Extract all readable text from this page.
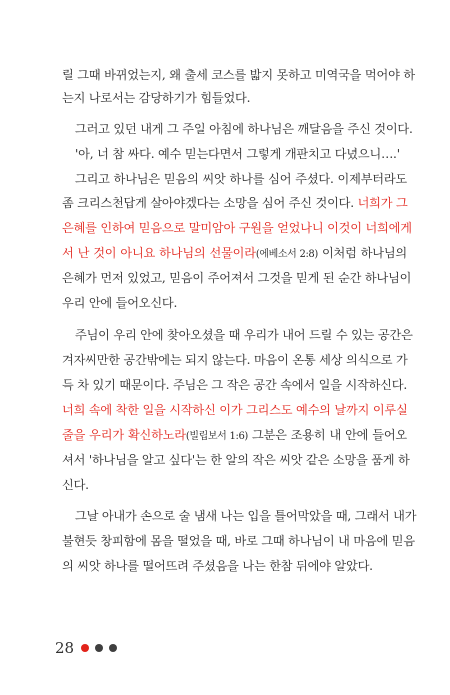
릴 그때 바뀌었는지, 왜 출세 코스를 밟지 못하고 미역국을 먹어야 하
는지 나로서는 감당하기가 힘들었다.
그러고 있던 내게 그 주일 아침에 하나님은 깨달음을 주신 것이다.
'아, 너 참 싸다. 예수 믿는다면서 그렇게 개판치고 다녔으니….'
그리고 하나님은 믿음의 씨앗 하나를 심어 주셨다. 이제부터라도
좀 크리스천답게 살아야겠다는 소망을 심어 주신 것이다. 너희가 그
은혜를 인하여 믿음으로 말미암아 구원을 얻었나니 이것이 너희에게
서 난 것이 아니요 하나님의 선물이라(에베소서 2:8) 이처럼 하나님의
은혜가 먼저 있었고, 믿음이 주어져서 그것을 믿게 된 순간 하나님이
우리 안에 들어오신다.
주님이 우리 안에 찾아오셨을 때 우리가 내어 드릴 수 있는 공간은
겨자씨만한 공간밖에는 되지 않는다. 마음이 온통 세상 의식으로 가
득 차 있기 때문이다. 주님은 그 작은 공간 속에서 일을 시작하신다.
너희 속에 착한 일을 시작하신 이가 그리스도 예수의 날까지 이루실
줄을 우리가 확신하노라(빌립보서 1:6) 그분은 조용히 내 안에 들어오
셔서 '하나님을 알고 싶다'는 한 알의 작은 씨앗 같은 소망을 품게 하
신다.
그날 아내가 손으로 술 냄새 나는 입을 틀어막았을 때, 그래서 내가
불현듯 창피함에 몸을 떨었을 때, 바로 그때 하나님이 내 마음에 믿음
의 씨앗 하나를 떨어뜨려 주셨음을 나는 한참 뒤에야 알았다.
28
